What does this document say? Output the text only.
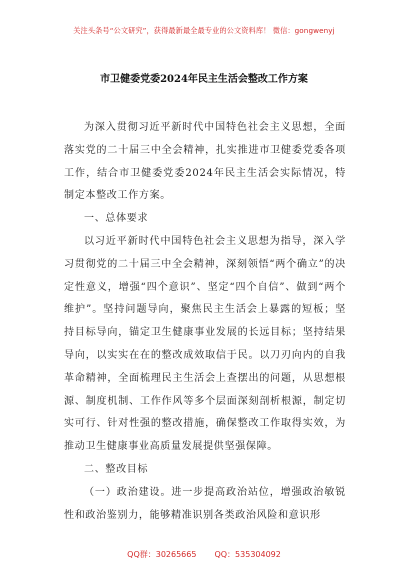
关注头条号“公文研究”，获得最新最全最专业的公文资料库！ 微信：gongwenyj
市卫健委党委2024年民主生活会整改工作方案

为深入贯彻习近平新时代中国特色社会主义思想，全面落实党的二十届三中全会精神，扎实推进市卫健委党委各项工作，结合市卫健委党委2024年民主生活会实际情况，特制定本整改工作方案。

一、总体要求

以习近平新时代中国特色社会主义思想为指导，深入学习贯彻党的二十届三中全会精神，深刻领悟“两个确立”的决定性意义，增强“四个意识”、坚定“四个自信”、做到“两个维护”。坚持问题导向，聚焦民主生活会上暴露的短板；坚持目标导向，锚定卫生健康事业发展的长远目标；坚持结果导向，以实实在在的整改成效取信于民。以刀刃向内的自我革命精神，全面梳理民主生活会上查摆出的问题，从思想根源、制度机制、工作作风等多个层面深刻剖析根源，制定切实可行、针对性强的整改措施，确保整改工作取得实效，为推动卫生健康事业高质量发展提供坚强保障。

二、整改目标

（一）政治建设。进一步提高政治站位，增强政治敏锐性和政治鉴别力，能够精准识别各类政治风险和意识形

QQ群：30265665 QQ：535304092
